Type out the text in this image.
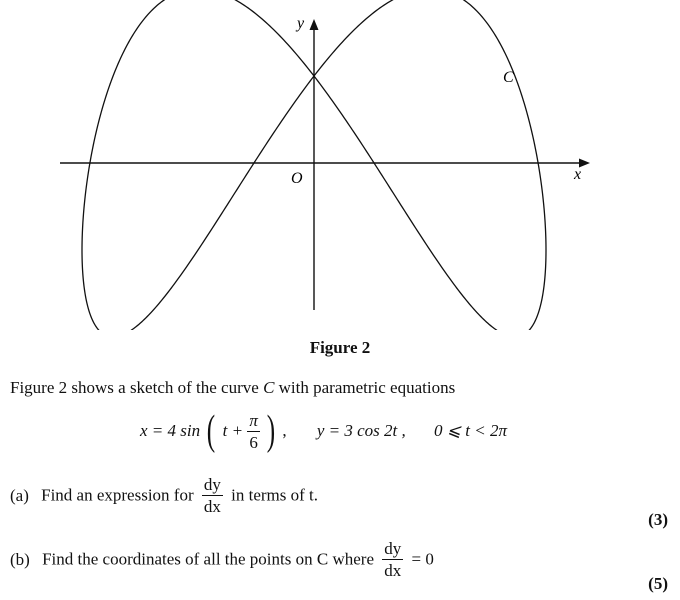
x
y
O
C
Figure 2
Figure 2 shows a sketch of the curve C with parametric equations
x = 4 sin ( $t + \frac{\pi}{6}$ ) , y = 3 cos 2t , 0 ⩽ t < 2π
(a) Find an expression for $\frac{dy}{dx}$ in terms of t.
(3)
(b) Find the coordinates of all the points on C where $\frac{dy}{dx} = 0$
(5)
